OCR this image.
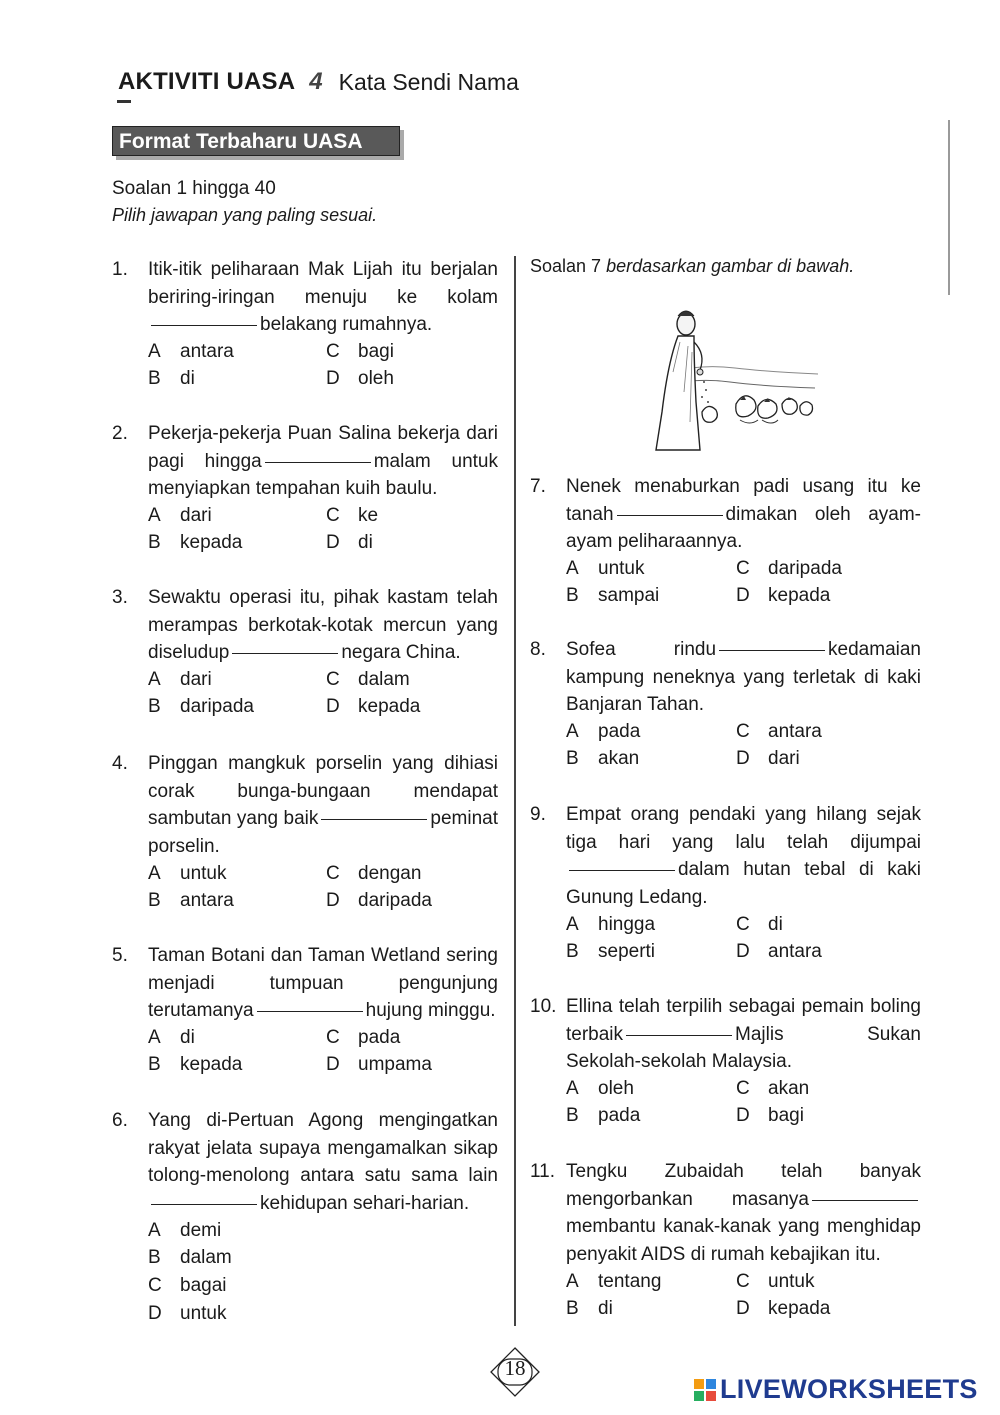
AKTIVITI UASA 4 Kata Sendi Nama
Format Terbaharu UASA
Soalan 1 hingga 40
Pilih jawapan yang paling sesuai.
1. Itik-itik peliharaan Mak Lijah itu berjalan beriring-iringan menuju ke kolambelakang rumahnya.
A antara	C bagi
B di	D oleh
2. Pekerja-pekerja Puan Salina bekerja dari pagi hingga	malam untuk menyiapkan tempahan kuih baulu.
A dari	C ke
B kepada	D di
3. Sewaktu operasi itu, pihak kastam telah merampas berkotak-kotak mercun yang diseludup	negara China.
A dari	C dalam
B daripada	D kepada
4. Pinggan mangkuk porselin yang dihiasi corak bunga-bungaan mendapat sambutan yang baik	peminat porselin.
A untuk	C dengan
B antara	D daripada
5. Taman Botani dan Taman Wetland sering menjadi tumpuan pengunjung terutamanya	hujung minggu.
A di	C pada
B kepada	D umpama
6. Yang di-Pertuan Agong mengingatkan rakyat jelata supaya mengamalkan sikap tolong-menolong antara satu sama lainkehidupan sehari-harian.
A demi
B dalam
C bagai
D untuk
Soalan 7 berdasarkan gambar di bawah.
7. Nenek menaburkan padi usang itu ke tanah	dimakan oleh ayam-ayam peliharaannya.
A untuk	C daripada
B sampai	D kepada
8. Sofea rindu	kedamaian kampung neneknya yang terletak di kaki Banjaran Tahan.
A pada	C antara
B akan	D dari
9. Empat orang pendaki yang hilang sejak tiga hari yang lalu telah dijumpaidalam hutan tebal di kaki Gunung Ledang.
A hingga	C di
B seperti	D antara
10. Ellina telah terpilih sebagai pemain boling terbaik	Majlis Sukan Sekolah-sekolah Malaysia.
A oleh	C akan
B pada	D bagi
11. Tengku Zubaidah telah banyak mengorbankan masanyamembantu kanak-kanak yang menghidap penyakit AIDS di rumah kebajikan itu.
A tentang	C untuk
B di	D kepada
18
LIVEWORKSHEETS
